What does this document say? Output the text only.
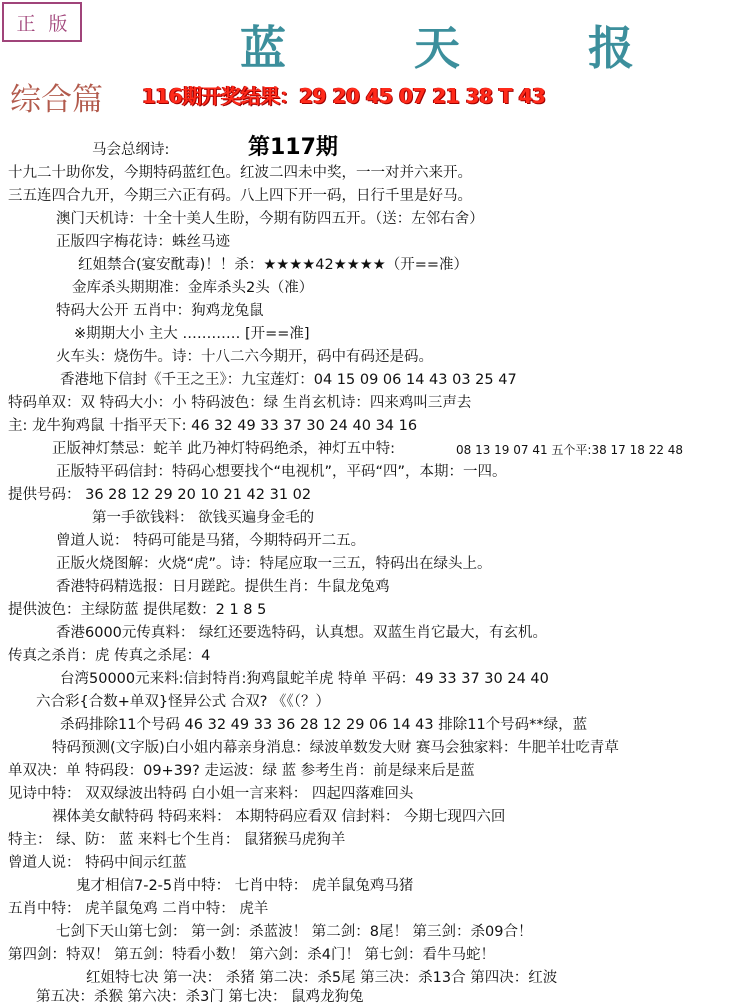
正 版	蓝 天 报
综合篇 116期开奖结果：29 20 45 07 21 38 T 43
第117期
马会总纲诗:
十九二十助你发，今期特码蓝红色。红波二四未中奖，一一对并六来开。
三五连四合九开，今期三六正有码。八上四下开一码，日行千里是好马。
澳门天机诗：十全十美人生盼，今期有防四五开。（送：左邻右舍）
正版四字梅花诗：蛛丝马迹
红姐禁合(宴安酖毒)！！杀：★★★★42★★★★（开==准）
金库杀头期期准：金库杀头2头（准）
特码大公开 五肖中：狗鸡龙兔鼠
※期期大小 主大 ………… [开==准]
火车头：烧伤牛。诗：十八二六今期开，码中有码还是码。
香港地下信封《千王之王》：九宝莲灯：04 15 09 06 14 43 03 25 47
特码单双：双 特码大小：小 特码波色：绿 生肖玄机诗：四来鸡叫三声去
主: 龙牛狗鸡鼠 十指平天下: 46 32 49 33 37 30 24 40 34 16
正版神灯禁忌：蛇羊 此乃神灯特码绝杀，神灯五中特:	08 13 19 07 41 五个平:38 17 18 22 48
正版特平码信封：特码心想要找个“电视机”，平码“四”，本期：一四。
提供号码： 36 28 12 29 20 10 21 42 31 02
第一手欲钱料： 欲钱买遍身金毛的
曾道人说： 特码可能是马猪，今期特码开二五。
正版火烧图解：火烧“虎”。诗：特尾应取一三五，特码出在绿头上。
香港特码精选报：日月蹉跎。提供生肖：牛鼠龙兔鸡
提供波色：主绿防蓝 提供尾数：2 1 8 5
香港6000元传真料： 绿红还要选特码，认真想。双蓝生肖它最大，有玄机。
传真之杀肖：虎 传真之杀尾：4
台湾50000元来料:信封特肖:狗鸡鼠蛇羊虎 特单 平码：49 33 37 30 24 40
六合彩{合数+单双}怪异公式 合双? 《《（？）
杀码排除11个号码 46 32 49 33 36 28 12 29 06 14 43 排除11个号码**绿，蓝
特码预测(文字版)白小姐内幕亲身消息：绿波单数发大财 赛马会独家料：牛肥羊壮吃青草
单双决：单 特码段：09+39? 走运波：绿 蓝 参考生肖：前是绿来后是蓝
见诗中特： 双双绿波出特码 白小姐一言来料： 四起四落难回头
裸体美女献特码 特码来料： 本期特码应看双 信封料： 今期七现四六回
特主： 绿、防： 蓝 来料七个生肖： 鼠猪猴马虎狗羊
曾道人说： 特码中间示红蓝
鬼才相信7-2-5肖中特： 七肖中特： 虎羊鼠兔鸡马猪
五肖中特： 虎羊鼠兔鸡 二肖中特： 虎羊
七剑下天山第七剑： 第一剑：杀蓝波！ 第二剑：8尾！ 第三剑：杀09合！
第四剑：特双！ 第五剑：特看小数！ 第六剑：杀4门！ 第七剑：看牛马蛇！
红姐特七决 第一决： 杀猪 第二决：杀5尾 第三决：杀13合 第四决：红波
第五决：杀猴 第六决：杀3门 第七决： 鼠鸡龙狗兔
